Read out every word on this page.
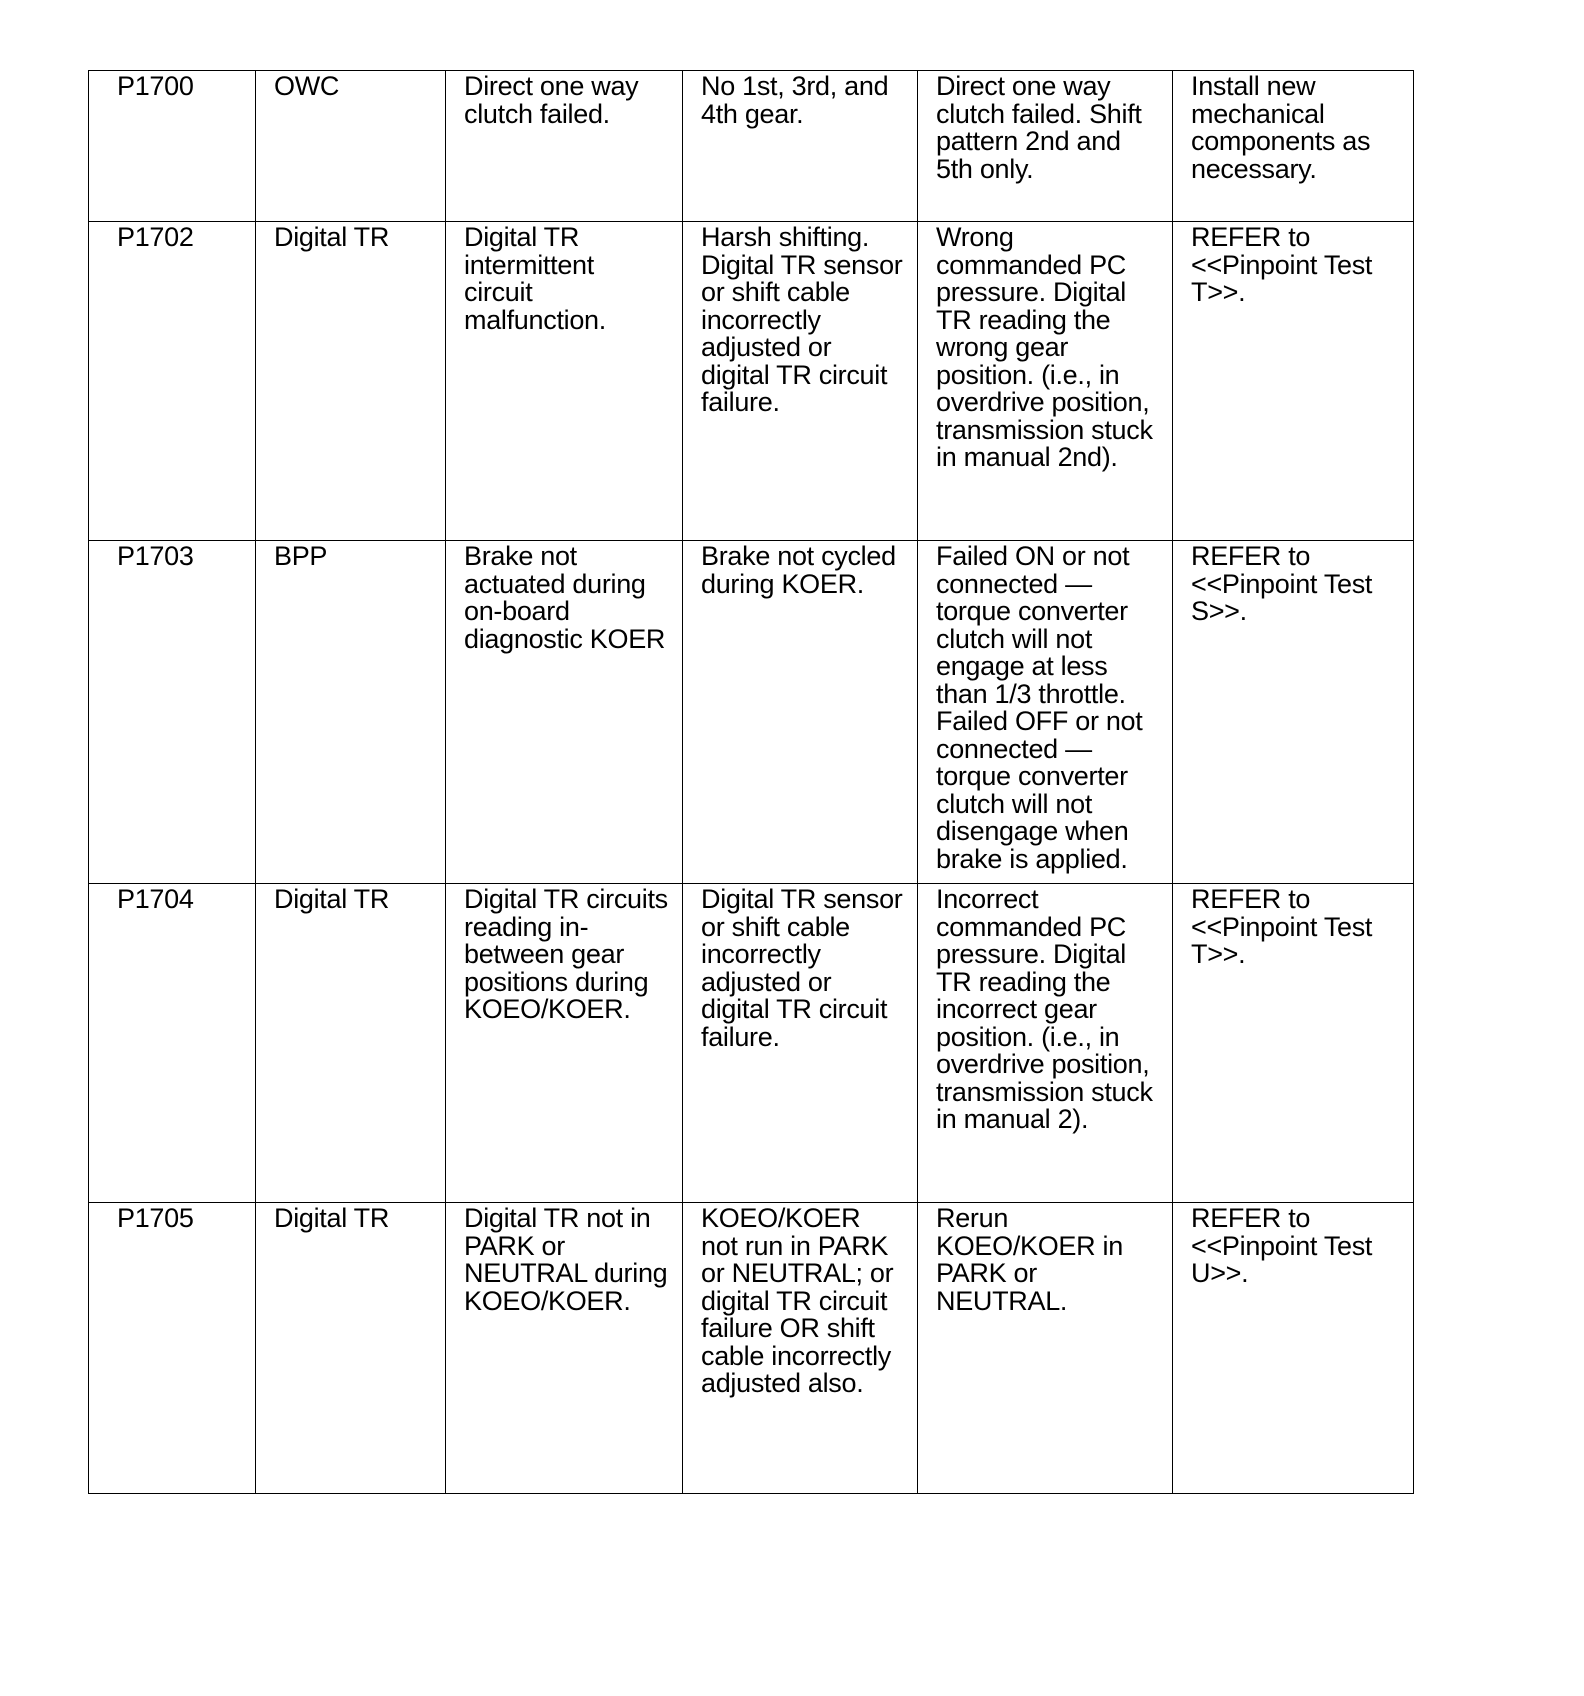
P1700	OWC	Direct one way clutch failed.	No 1st, 3rd, and 4th gear.	Direct one way clutch failed. Shift pattern 2nd and 5th only.	Install new mechanical components as necessary.
P1702	Digital TR	Digital TR intermittent circuit malfunction.	Harsh shifting. Digital TR sensor or shift cable incorrectly adjusted or digital TR circuit failure.	Wrong commanded PC pressure. Digital TR reading the wrong gear position. (i.e., in overdrive position, transmission stuck in manual 2nd).	REFER to <<Pinpoint Test T>>.
P1703	BPP	Brake not actuated during on-board diagnostic KOER	Brake not cycled during KOER.	Failed ON or not connected — torque converter clutch will not engage at less than 1/3 throttle. Failed OFF or not connected — torque converter clutch will not disengage when brake is applied.	REFER to <<Pinpoint Test S>>.
P1704	Digital TR	Digital TR circuits reading in-between gear positions during KOEO/KOER.	Digital TR sensor or shift cable incorrectly adjusted or digital TR circuit failure.	Incorrect commanded PC pressure. Digital TR reading the incorrect gear position. (i.e., in overdrive position, transmission stuck in manual 2).	REFER to <<Pinpoint Test T>>.
P1705	Digital TR	Digital TR not in PARK or NEUTRAL during KOEO/KOER.	KOEO/KOER not run in PARK or NEUTRAL; or digital TR circuit failure OR shift cable incorrectly adjusted also.	Rerun KOEO/KOER in PARK or NEUTRAL.	REFER to <<Pinpoint Test U>>.
